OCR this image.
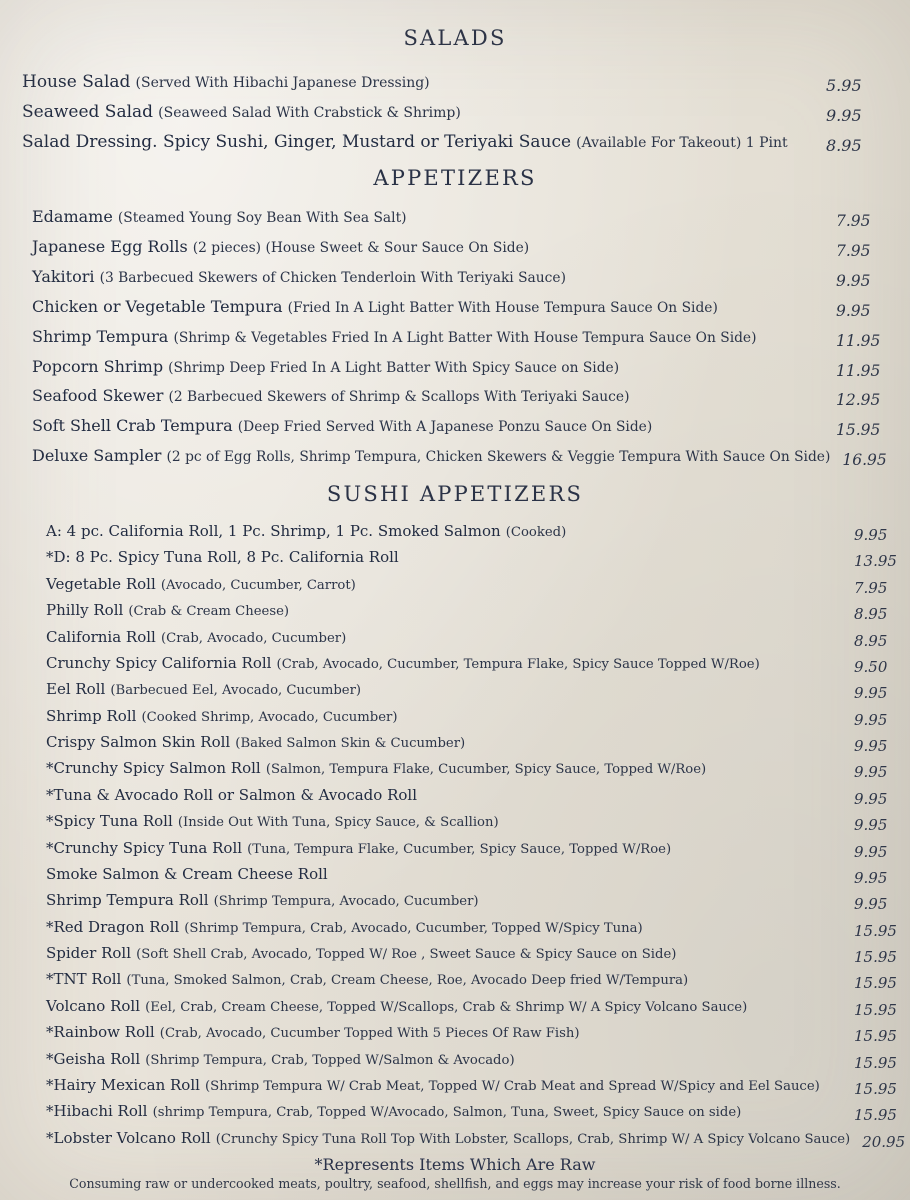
SALADS
House Salad (Served With Hibachi Japanese Dressing)	5.95
Seaweed Salad (Seaweed Salad With Crabstick & Shrimp)	9.95
Salad Dressing. Spicy Sushi, Ginger, Mustard or Teriyaki Sauce (Available For Takeout) 1 Pint	8.95
APPETIZERS
Edamame (Steamed Young Soy Bean With Sea Salt)	7.95
Japanese Egg Rolls (2 pieces) (House Sweet & Sour Sauce On Side)	7.95
Yakitori (3 Barbecued Skewers of Chicken Tenderloin With Teriyaki Sauce)	9.95
Chicken or Vegetable Tempura (Fried In A Light Batter With House Tempura Sauce On Side)	9.95
Shrimp Tempura (Shrimp & Vegetables Fried In A Light Batter With House Tempura Sauce On Side)	11.95
Popcorn Shrimp (Shrimp Deep Fried In A Light Batter With Spicy Sauce on Side)	11.95
Seafood Skewer (2 Barbecued Skewers of Shrimp & Scallops With Teriyaki Sauce)	12.95
Soft Shell Crab Tempura (Deep Fried Served With A Japanese Ponzu Sauce On Side)	15.95
Deluxe Sampler (2 pc of Egg Rolls, Shrimp Tempura, Chicken Skewers & Veggie Tempura With Sauce On Side) 16.95
SUSHI APPETIZERS
A: 4 pc. California Roll, 1 Pc. Shrimp, 1 Pc. Smoked Salmon (Cooked)	9.95
*D: 8 Pc. Spicy Tuna Roll, 8 Pc. California Roll	13.95
Vegetable Roll (Avocado, Cucumber, Carrot)	7.95
Philly Roll (Crab & Cream Cheese)	8.95
California Roll (Crab, Avocado, Cucumber)	8.95
Crunchy Spicy California Roll (Crab, Avocado, Cucumber, Tempura Flake, Spicy Sauce Topped W/Roe)	9.50
Eel Roll (Barbecued Eel, Avocado, Cucumber)	9.95
Shrimp Roll (Cooked Shrimp, Avocado, Cucumber)	9.95
Crispy Salmon Skin Roll (Baked Salmon Skin & Cucumber)	9.95
*Crunchy Spicy Salmon Roll (Salmon, Tempura Flake, Cucumber, Spicy Sauce, Topped W/Roe)	9.95
*Tuna & Avocado Roll or Salmon & Avocado Roll	9.95
*Spicy Tuna Roll (Inside Out With Tuna, Spicy Sauce, & Scallion)	9.95
*Crunchy Spicy Tuna Roll (Tuna, Tempura Flake, Cucumber, Spicy Sauce, Topped W/Roe)	9.95
Smoke Salmon & Cream Cheese Roll	9.95
Shrimp Tempura Roll (Shrimp Tempura, Avocado, Cucumber)	9.95
*Red Dragon Roll (Shrimp Tempura, Crab, Avocado, Cucumber, Topped W/Spicy Tuna)	15.95
Spider Roll (Soft Shell Crab, Avocado, Topped W/ Roe , Sweet Sauce & Spicy Sauce on Side)	15.95
*TNT Roll (Tuna, Smoked Salmon, Crab, Cream Cheese, Roe, Avocado Deep fried W/Tempura)	15.95
Volcano Roll (Eel, Crab, Cream Cheese, Topped W/Scallops, Crab & Shrimp W/ A Spicy Volcano Sauce)	15.95
*Rainbow Roll (Crab, Avocado, Cucumber Topped With 5 Pieces Of Raw Fish)	15.95
*Geisha Roll (Shrimp Tempura, Crab, Topped W/Salmon & Avocado)	15.95
*Hairy Mexican Roll (Shrimp Tempura W/ Crab Meat, Topped W/ Crab Meat and Spread W/Spicy and Eel Sauce)	15.95
*Hibachi Roll (shrimp Tempura, Crab, Topped W/Avocado, Salmon, Tuna, Sweet, Spicy Sauce on side)	15.95
*Lobster Volcano Roll (Crunchy Spicy Tuna Roll Top With Lobster, Scallops, Crab, Shrimp W/ A Spicy Volcano Sauce) 20.95
*Represents Items Which Are Raw
Consuming raw or undercooked meats, poultry, seafood, shellfish, and eggs may increase your risk of food borne illness.
